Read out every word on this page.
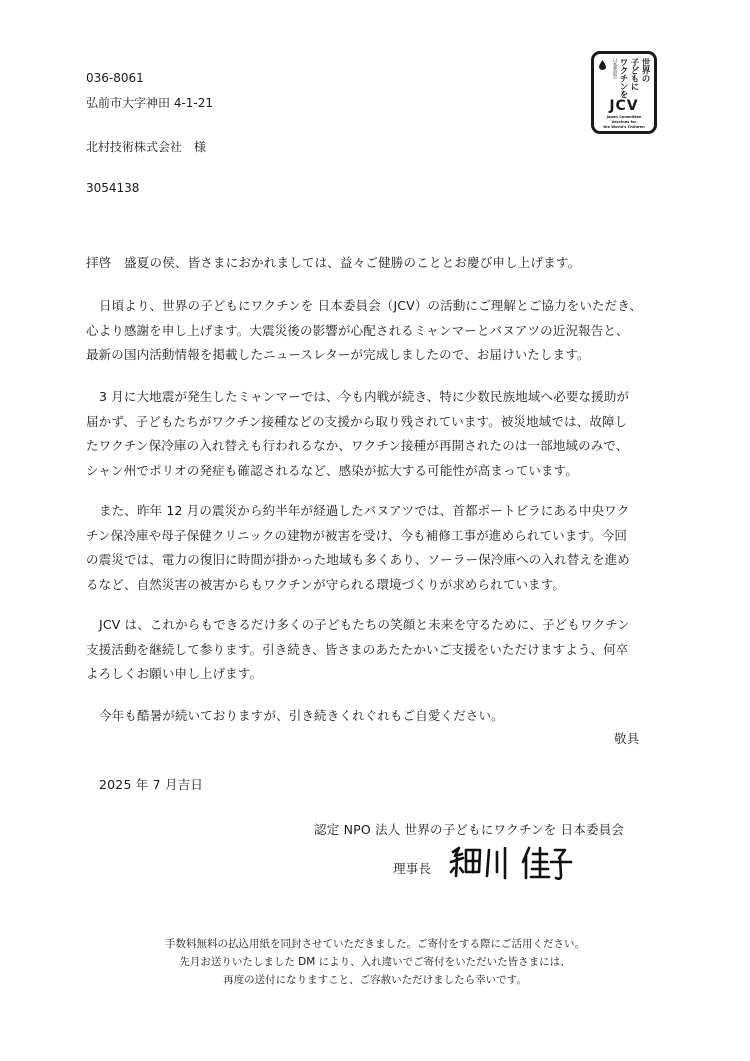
036-8061
弘前市大字神田 4-1-21
北村技術株式会社　様
3054138
世界の
子どもに
ワクチンを
日本委員会
JCV
Japan Committee
Vaccines for
the World's Children
拝啓　盛夏の侯、皆さまにおかれましては、益々ご健勝のこととお慶び申し上げます。
日頃より、世界の子どもにワクチンを 日本委員会（JCV）の活動にご理解とご協力をいただき、
心より感謝を申し上げます。大震災後の影響が心配されるミャンマーとバヌアツの近況報告と、
最新の国内活動情報を掲載したニュースレターが完成しましたので、お届けいたします。
3 月に大地震が発生したミャンマーでは、今も内戦が続き、特に少数民族地域へ必要な援助が
届かず、子どもたちがワクチン接種などの支援から取り残されています。被災地域では、故障し
たワクチン保冷庫の入れ替えも行われるなか、ワクチン接種が再開されたのは一部地域のみで、
シャン州でポリオの発症も確認されるなど、感染が拡大する可能性が高まっています。
また、昨年 12 月の震災から約半年が経過したバヌアツでは、首都ポートビラにある中央ワク
チン保冷庫や母子保健クリニックの建物が被害を受け、今も補修工事が進められています。今回
の震災では、電力の復旧に時間が掛かった地域も多くあり、ソーラー保冷庫への入れ替えを進め
るなど、自然災害の被害からもワクチンが守られる環境づくりが求められています。
JCV は、これからもできるだけ多くの子どもたちの笑顔と未来を守るために、子どもワクチン
支援活動を継続して参ります。引き続き、皆さまのあたたかいご支援をいただけますよう、何卒
よろしくお願い申し上げます。
今年も酷暑が続いておりますが、引き続きくれぐれもご自愛ください。
敬具
2025 年 7 月吉日
認定 NPO 法人 世界の子どもにワクチンを 日本委員会
理事長
手数料無料の払込用紙を同封させていただきました。ご寄付をする際にご活用ください。
先月お送りいたしました DM により、入れ違いでご寄付をいただいた皆さまには、
再度の送付になりますこと、ご容赦いただけましたら幸いです。
